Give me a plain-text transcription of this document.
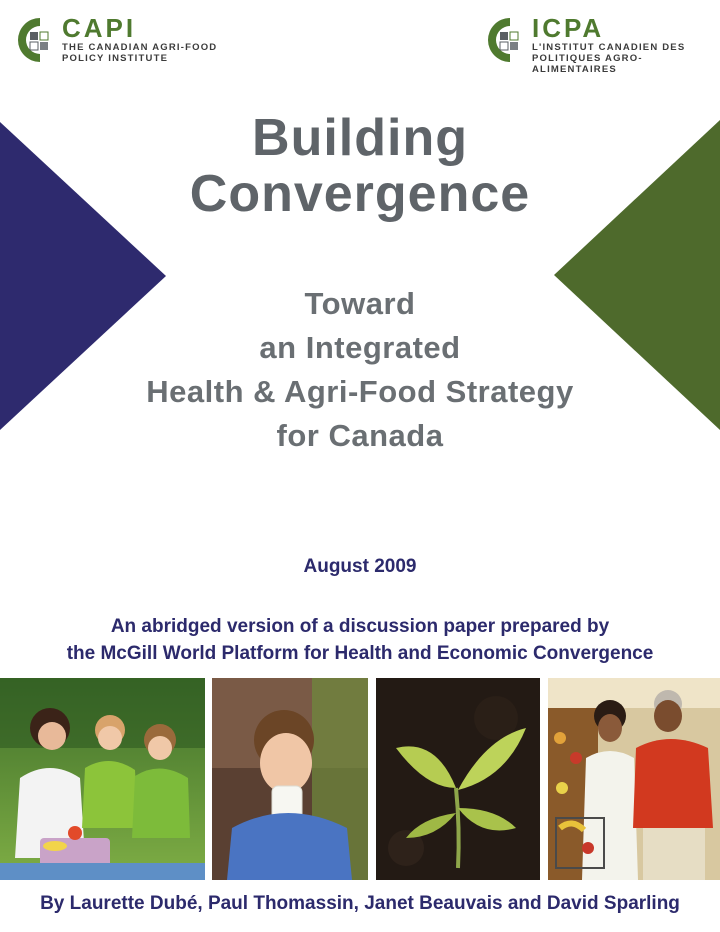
CAPI
THE CANADIAN AGRI-FOOD
POLICY INSTITUTE
ICPA
L'INSTITUT CANADIEN DES
POLITIQUES AGRO-ALIMENTAIRES
Building
Convergence
Toward
an Integrated
Health & Agri-Food Strategy
for Canada
August 2009
An abridged version of a discussion paper prepared by
the McGill World Platform for Health and Economic Convergence
By Laurette Dubé, Paul Thomassin, Janet Beauvais and David Sparling
